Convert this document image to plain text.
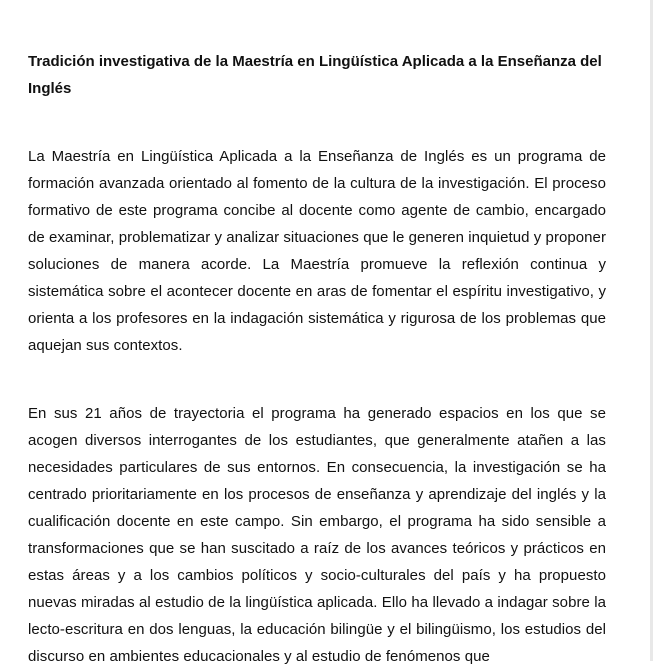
Tradición investigativa de la Maestría en Lingüística Aplicada a la Enseñanza del Inglés

La Maestría en Lingüística Aplicada a la Enseñanza de Inglés es un programa de formación avanzada orientado al fomento de la cultura de la investigación. El proceso formativo de este programa concibe al docente como agente de cambio, encargado de examinar, problematizar y analizar situaciones que le generen inquietud y proponer soluciones de manera acorde. La Maestría promueve la reflexión continua y sistemática sobre el acontecer docente en aras de fomentar el espíritu investigativo, y orienta a los profesores en la indagación sistemática y rigurosa de los problemas que aquejan sus contextos.

En sus 21 años de trayectoria el programa ha generado espacios en los que se acogen diversos interrogantes de los estudiantes, que generalmente atañen a las necesidades particulares de sus entornos. En consecuencia, la investigación se ha centrado prioritariamente en los procesos de enseñanza y aprendizaje del inglés y la cualificación docente en este campo. Sin embargo, el programa ha sido sensible a transformaciones que se han suscitado a raíz de los avances teóricos y prácticos en estas áreas y a los cambios políticos y socio-culturales del país y ha propuesto nuevas miradas al estudio de la lingüística aplicada. Ello ha llevado a indagar sobre la lecto-escritura en dos lenguas, la educación bilingüe y el bilingüismo, los estudios del discurso en ambientes educacionales y al estudio de fenómenos que
